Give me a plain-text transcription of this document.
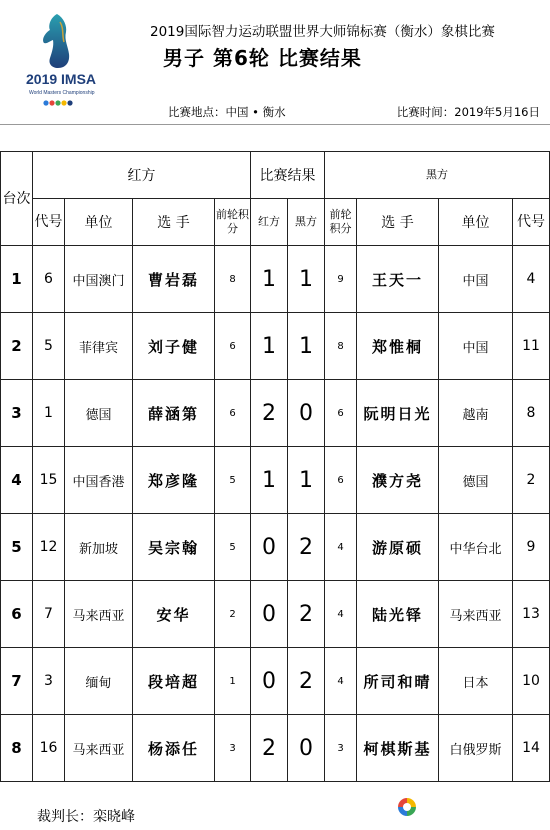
2019 IMSA
World Masters Championship
2019国际智力运动联盟世界大师锦标赛（衡水）象棋比赛
男子 第6轮 比赛结果
比赛地点：中国 • 衡水	比赛时间：2019年5月16日
台次	红方				比赛结果		黑方			
	代号	单位	选 手	前轮积分	红方	黑方	前轮积分	选 手	单位	代号
1	6	中国澳门	曹岩磊	8	1	1	9	王天一	中国	4
2	5	菲律宾	刘子健	6	1	1	8	郑惟桐	中国	11
3	1	德国	薛涵第	6	2	0	6	阮明日光	越南	8
4	15	中国香港	郑彦隆	5	1	1	6	濮方尧	德国	2
5	12	新加坡	吴宗翰	5	0	2	4	游原硕	中华台北	9
6	7	马来西亚	安华	2	0	2	4	陆光铎	马来西亚	13
7	3	缅甸	段培超	1	0	2	4	所司和晴	日本	10
8	16	马来西亚	杨添任	3	2	0	3	柯棋斯基	白俄罗斯	14
裁判长：栾晓峰
